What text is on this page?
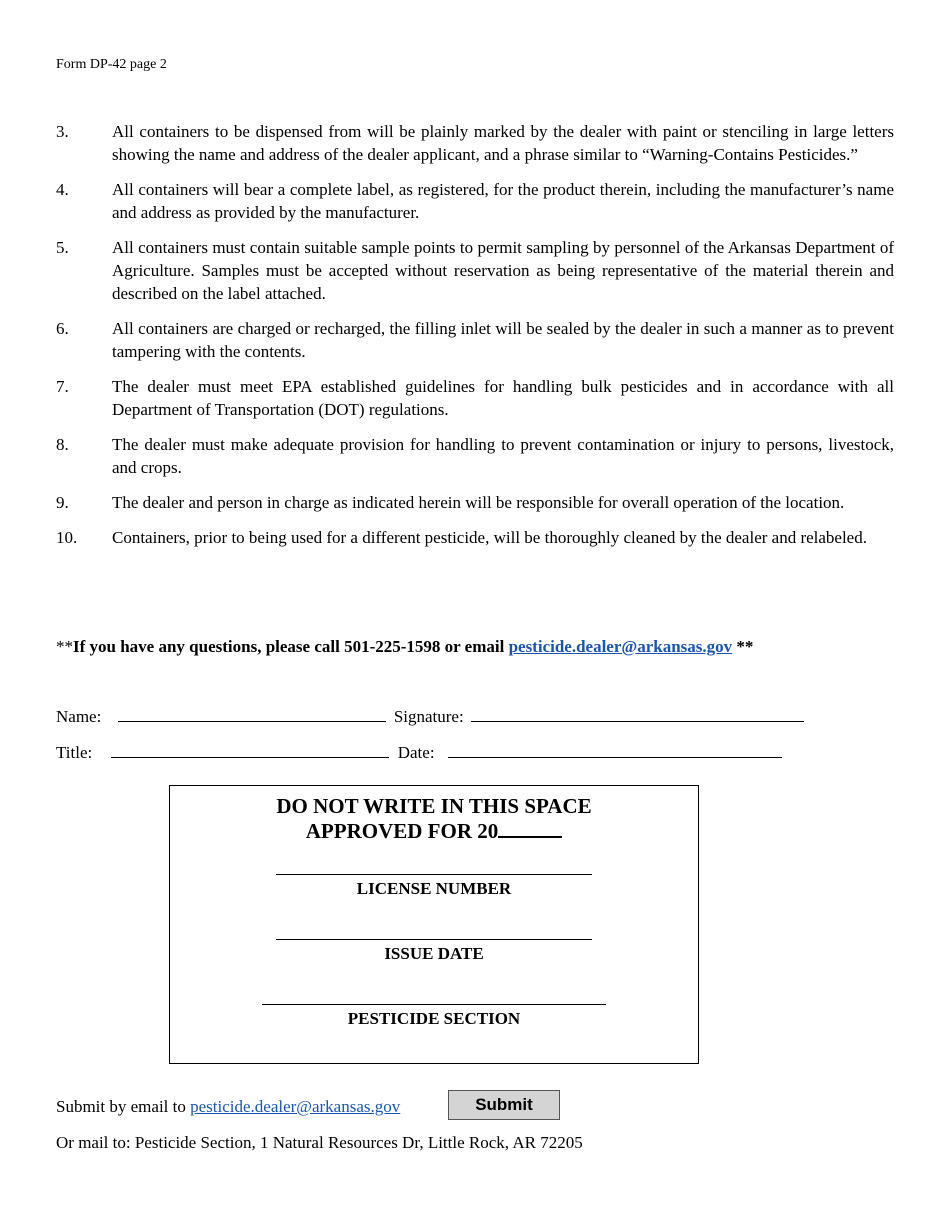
Form DP-42 page 2
3.	All containers to be dispensed from will be plainly marked by the dealer with paint or stenciling in large letters showing the name and address of the dealer applicant, and a phrase similar to “Warning-Contains Pesticides.”
4.	All containers will bear a complete label, as registered, for the product therein, including the manufacturer’s name and address as provided by the manufacturer.
5.	All containers must contain suitable sample points to permit sampling by personnel of the Arkansas Department of Agriculture. Samples must be accepted without reservation as being representative of the material therein and described on the label attached.
6.	All containers are charged or recharged, the filling inlet will be sealed by the dealer in such a manner as to prevent tampering with the contents.
7.	The dealer must meet EPA established guidelines for handling bulk pesticides and in accordance with all Department of Transportation (DOT) regulations.
8.	The dealer must make adequate provision for handling to prevent contamination or injury to persons, livestock, and crops.
9.	The dealer and person in charge as indicated herein will be responsible for overall operation of the location.
10.	Containers, prior to being used for a different pesticide, will be thoroughly cleaned by the dealer and relabeled.
**If you have any questions, please call 501-225-1598 or email pesticide.dealer@arkansas.gov **
Name:	Signature:
Title:	Date:
DO NOT WRITE IN THIS SPACE
APPROVED FOR 20
LICENSE NUMBER
ISSUE DATE
PESTICIDE SECTION
Submit by email to pesticide.dealer@arkansas.gov	Submit
Or mail to: Pesticide Section, 1 Natural Resources Dr, Little Rock, AR 72205
